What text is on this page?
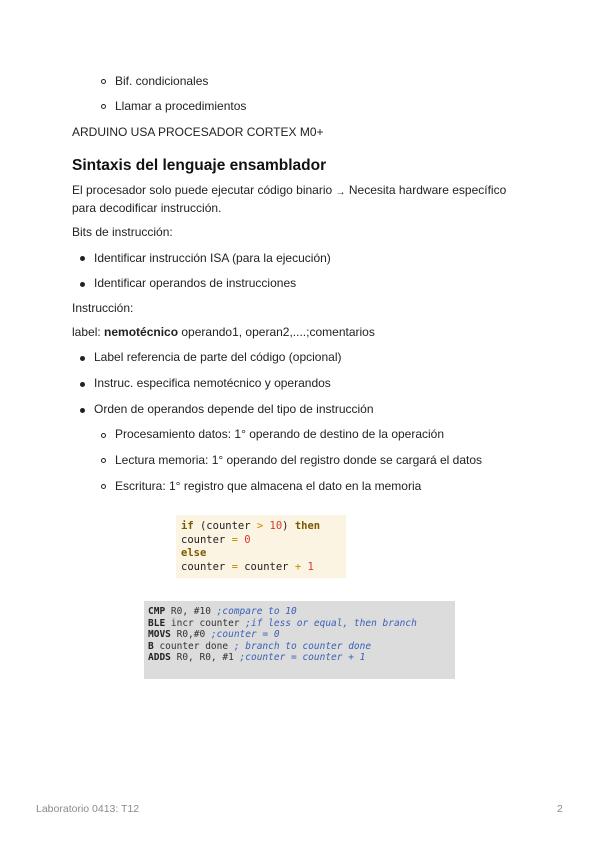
Bif. condicionales
Llamar a procedimientos
ARDUINO USA PROCESADOR CORTEX M0+
Sintaxis del lenguaje ensamblador
El procesador solo puede ejecutar código binario → Necesita hardware específico
para decodificar instrucción.
Bits de instrucción:
Identificar instrucción ISA (para la ejecución)
Identificar operandos de instrucciones
Instrucción:
label: nemotécnico operando1, operan2,....;comentarios
Label referencia de parte del código (opcional)
Instruc. especifica nemotécnico y operandos
Orden de operandos depende del tipo de instrucción
Procesamiento datos: 1° operando de destino de la operación
Lectura memoria: 1° operando del registro donde se cargará el datos
Escritura: 1° registro que almacena el dato en la memoria
if (counter > 10) then
counter = 0
else
counter = counter + 1
CMP R0, #10 ;compare to 10
BLE incr counter ;if less or equal, then branch
MOVS R0,#0 ;counter = 0
B counter done ; branch to counter done
ADDS R0, R0, #1 ;counter = counter + 1
Laboratorio 0413: T12	2
